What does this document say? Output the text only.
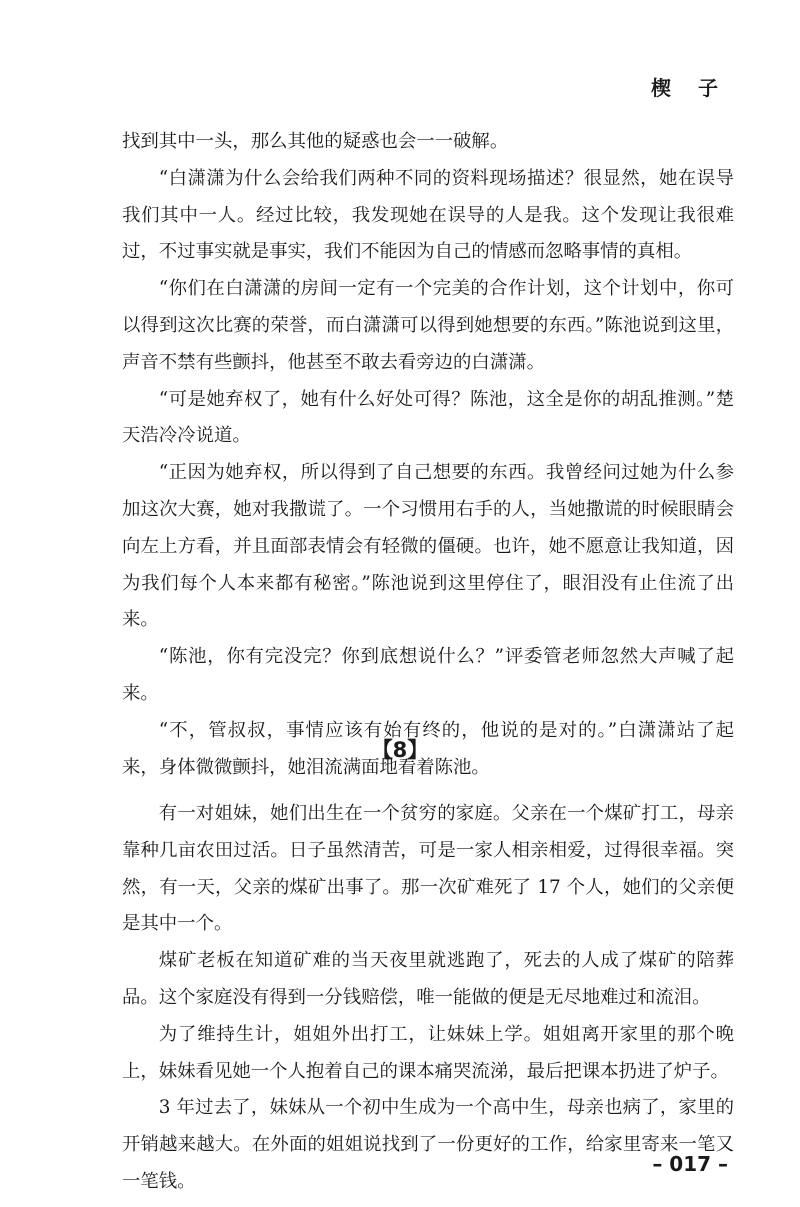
楔 子

找到其中一头，那么其他的疑惑也会一一破解。

“白潇潇为什么会给我们两种不同的资料现场描述？很显然，她在误导我们其中一人。经过比较，我发现她在误导的人是我。这个发现让我很难过，不过事实就是事实，我们不能因为自己的情感而忽略事情的真相。

“你们在白潇潇的房间一定有一个完美的合作计划，这个计划中，你可以得到这次比赛的荣誉，而白潇潇可以得到她想要的东西。”陈池说到这里，声音不禁有些颤抖，他甚至不敢去看旁边的白潇潇。

“可是她弃权了，她有什么好处可得？陈池，这全是你的胡乱推测。”楚天浩冷冷说道。

“正因为她弃权，所以得到了自己想要的东西。我曾经问过她为什么参加这次大赛，她对我撒谎了。一个习惯用右手的人，当她撒谎的时候眼睛会向左上方看，并且面部表情会有轻微的僵硬。也许，她不愿意让我知道，因为我们每个人本来都有秘密。”陈池说到这里停住了，眼泪没有止住流了出来。

“陈池，你有完没完？你到底想说什么？”评委管老师忽然大声喊了起来。

“不，管叔叔，事情应该有始有终的，他说的是对的。”白潇潇站了起来，身体微微颤抖，她泪流满面地看着陈池。

【8】

有一对姐妹，她们出生在一个贫穷的家庭。父亲在一个煤矿打工，母亲靠种几亩农田过活。日子虽然清苦，可是一家人相亲相爱，过得很幸福。突然，有一天，父亲的煤矿出事了。那一次矿难死了 17 个人，她们的父亲便是其中一个。

煤矿老板在知道矿难的当天夜里就逃跑了，死去的人成了煤矿的陪葬品。这个家庭没有得到一分钱赔偿，唯一能做的便是无尽地难过和流泪。

为了维持生计，姐姐外出打工，让妹妹上学。姐姐离开家里的那个晚上，妹妹看见她一个人抱着自己的课本痛哭流涕，最后把课本扔进了炉子。

3 年过去了，妹妹从一个初中生成为一个高中生，母亲也病了，家里的开销越来越大。在外面的姐姐说找到了一份更好的工作，给家里寄来一笔又一笔钱。

– 017 –
